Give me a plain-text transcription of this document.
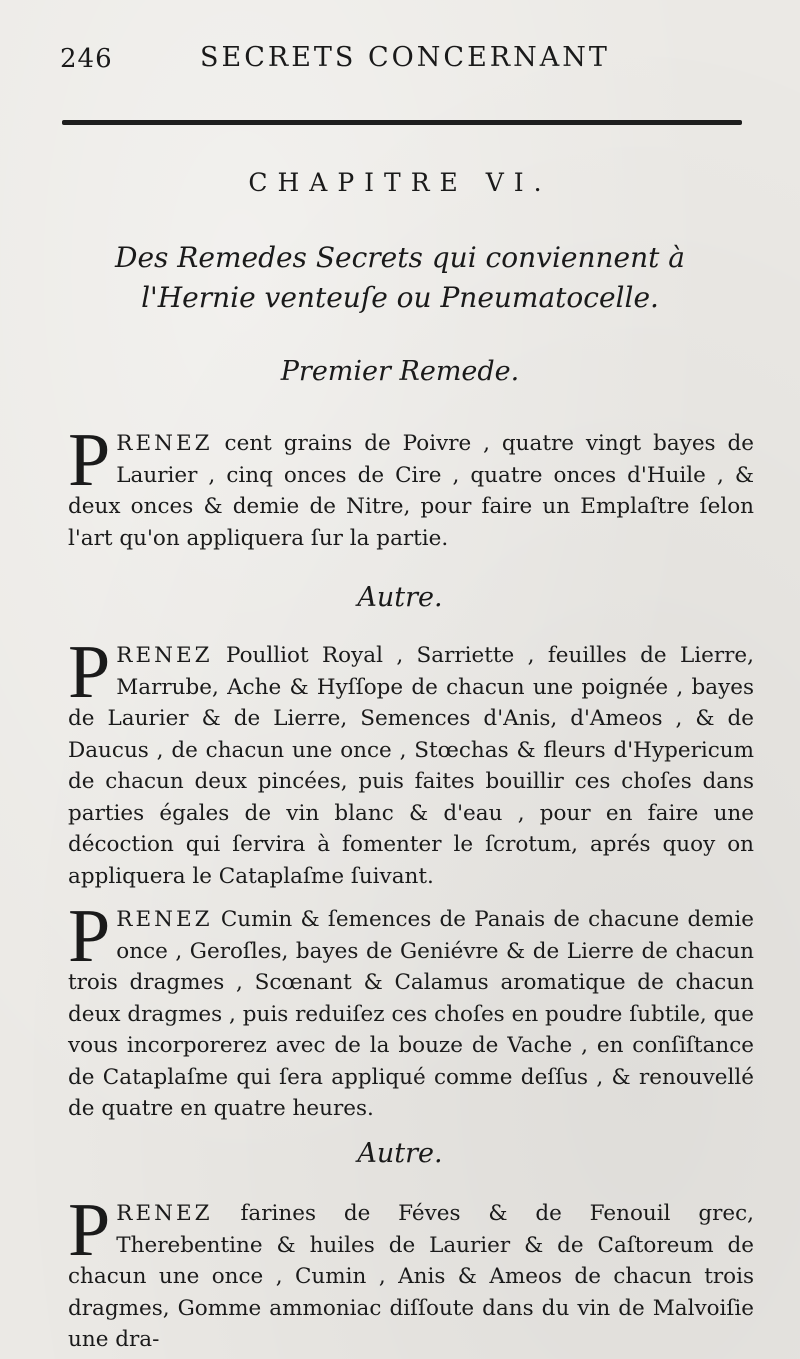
246	SECRETS CONCERNANT
CHAPITRE VI.
Des Remedes Secrets qui conviennent à
l'Hernie venteuſe ou Pneumatocelle.
Premier Remede.
PRENEZ cent grains de Poivre , quatre vingt bayes de Laurier , cinq onces de Cire , quatre onces d'Huile , & deux onces & demie de Nitre, pour faire un Emplaſtre ſelon l'art qu'on appliquera ſur la partie.
Autre.
PRENEZ Poulliot Royal , Sarriette , feuilles de Lierre, Marrube, Ache & Hyſſope de chacun une poignée , bayes de Laurier & de Lierre, Semences d'Anis, d'Ameos , & de Daucus , de chacun une once , Stœchas & fleurs d'Hypericum de chacun deux pincées, puis faites bouillir ces choſes dans parties égales de vin blanc & d'eau , pour en faire une décoction qui ſervira à fomenter le ſcrotum, aprés quoy on appliquera le Cataplaſme ſuivant.
PRENEZ Cumin & ſemences de Panais de chacune demie once , Geroſles, bayes de Geniévre & de Lierre de chacun trois dragmes , Scœnant & Calamus aromatique de chacun deux dragmes , puis reduiſez ces choſes en poudre ſubtile, que vous incorporerez avec de la bouze de Vache , en conſiſtance de Cataplaſme qui ſera appliqué comme deſſus , & renouvellé de quatre en quatre heures.
Autre.
PRENEZ farines de Féves & de Fenouil grec, Therebentine & huiles de Laurier & de Caſtoreum de chacun une once , Cumin , Anis & Ameos de chacun trois dragmes, Gomme ammoniac diſſoute dans du vin de Malvoiſie une dra-
